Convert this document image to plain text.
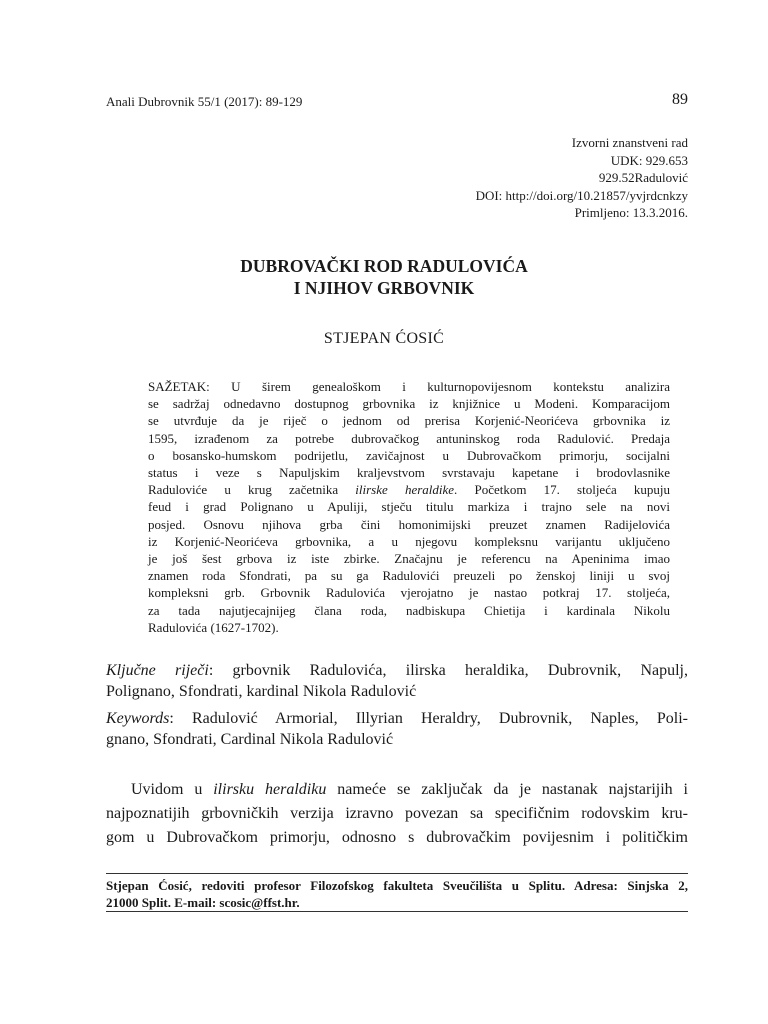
Anali Dubrovnik 55/1 (2017): 89-129	89
Izvorni znanstveni rad
UDK: 929.653
929.52Radulović
DOI: http://doi.org/10.21857/yvjrdcnkzy
Primljeno: 13.3.2016.
DUBROVAČKI ROD RADULOVIĆA
I NJIHOV GRBOVNIK
STJEPAN ĆOSIĆ
SAŽETAK: U širem genealoškom i kulturnopovijesnom kontekstu analizira
se sadržaj odnedavno dostupnog grbovnika iz knjižnice u Modeni. Komparacijom
se utvrđuje da je riječ o jednom od prerisa Korjenić-Neorićeva grbovnika iz
1595, izrađenom za potrebe dubrovačkog antuninskog roda Radulović. Predaja
o bosansko-humskom podrijetlu, zavičajnost u Dubrovačkom primorju, socijalni
status i veze s Napuljskim kraljevstvom svrstavaju kapetane i brodovlasnike
Raduloviće u krug začetnika ilirske heraldike. Početkom 17. stoljeća kupuju
feud i grad Polignano u Apuliji, stječu titulu markiza i trajno sele na novi
posjed. Osnovu njihova grba čini homonimijski preuzet znamen Radijelovića
iz Korjenić-Neorićeva grbovnika, a u njegovu kompleksnu varijantu uključeno
je još šest grbova iz iste zbirke. Značajnu je referencu na Apeninima imao
znamen roda Sfondrati, pa su ga Radulovići preuzeli po ženskoj liniji u svoj
kompleksni grb. Grbovnik Radulovića vjerojatno je nastao potkraj 17. stoljeća,
za tada najutjecajnijeg člana roda, nadbiskupa Chietija i kardinala Nikolu
Radulovića (1627-1702).
Ključne riječi: grbovnik Radulovića, ilirska heraldika, Dubrovnik, Napulj,
Polignano, Sfondrati, kardinal Nikola Radulović
Keywords: Radulović Armorial, Illyrian Heraldry, Dubrovnik, Naples, Poli-
gnano, Sfondrati, Cardinal Nikola Radulović
Uvidom u ilirsku heraldiku nameće se zaključak da je nastanak najstarijih i
najpoznatijih grbovničkih verzija izravno povezan sa specifičnim rodovskim kru-
gom u Dubrovačkom primorju, odnosno s dubrovačkim povijesnim i političkim
Stjepan Ćosić, redoviti profesor Filozofskog fakulteta Sveučilišta u Splitu. Adresa: Sinjska 2,
21000 Split. E-mail: scosic@ffst.hr.
